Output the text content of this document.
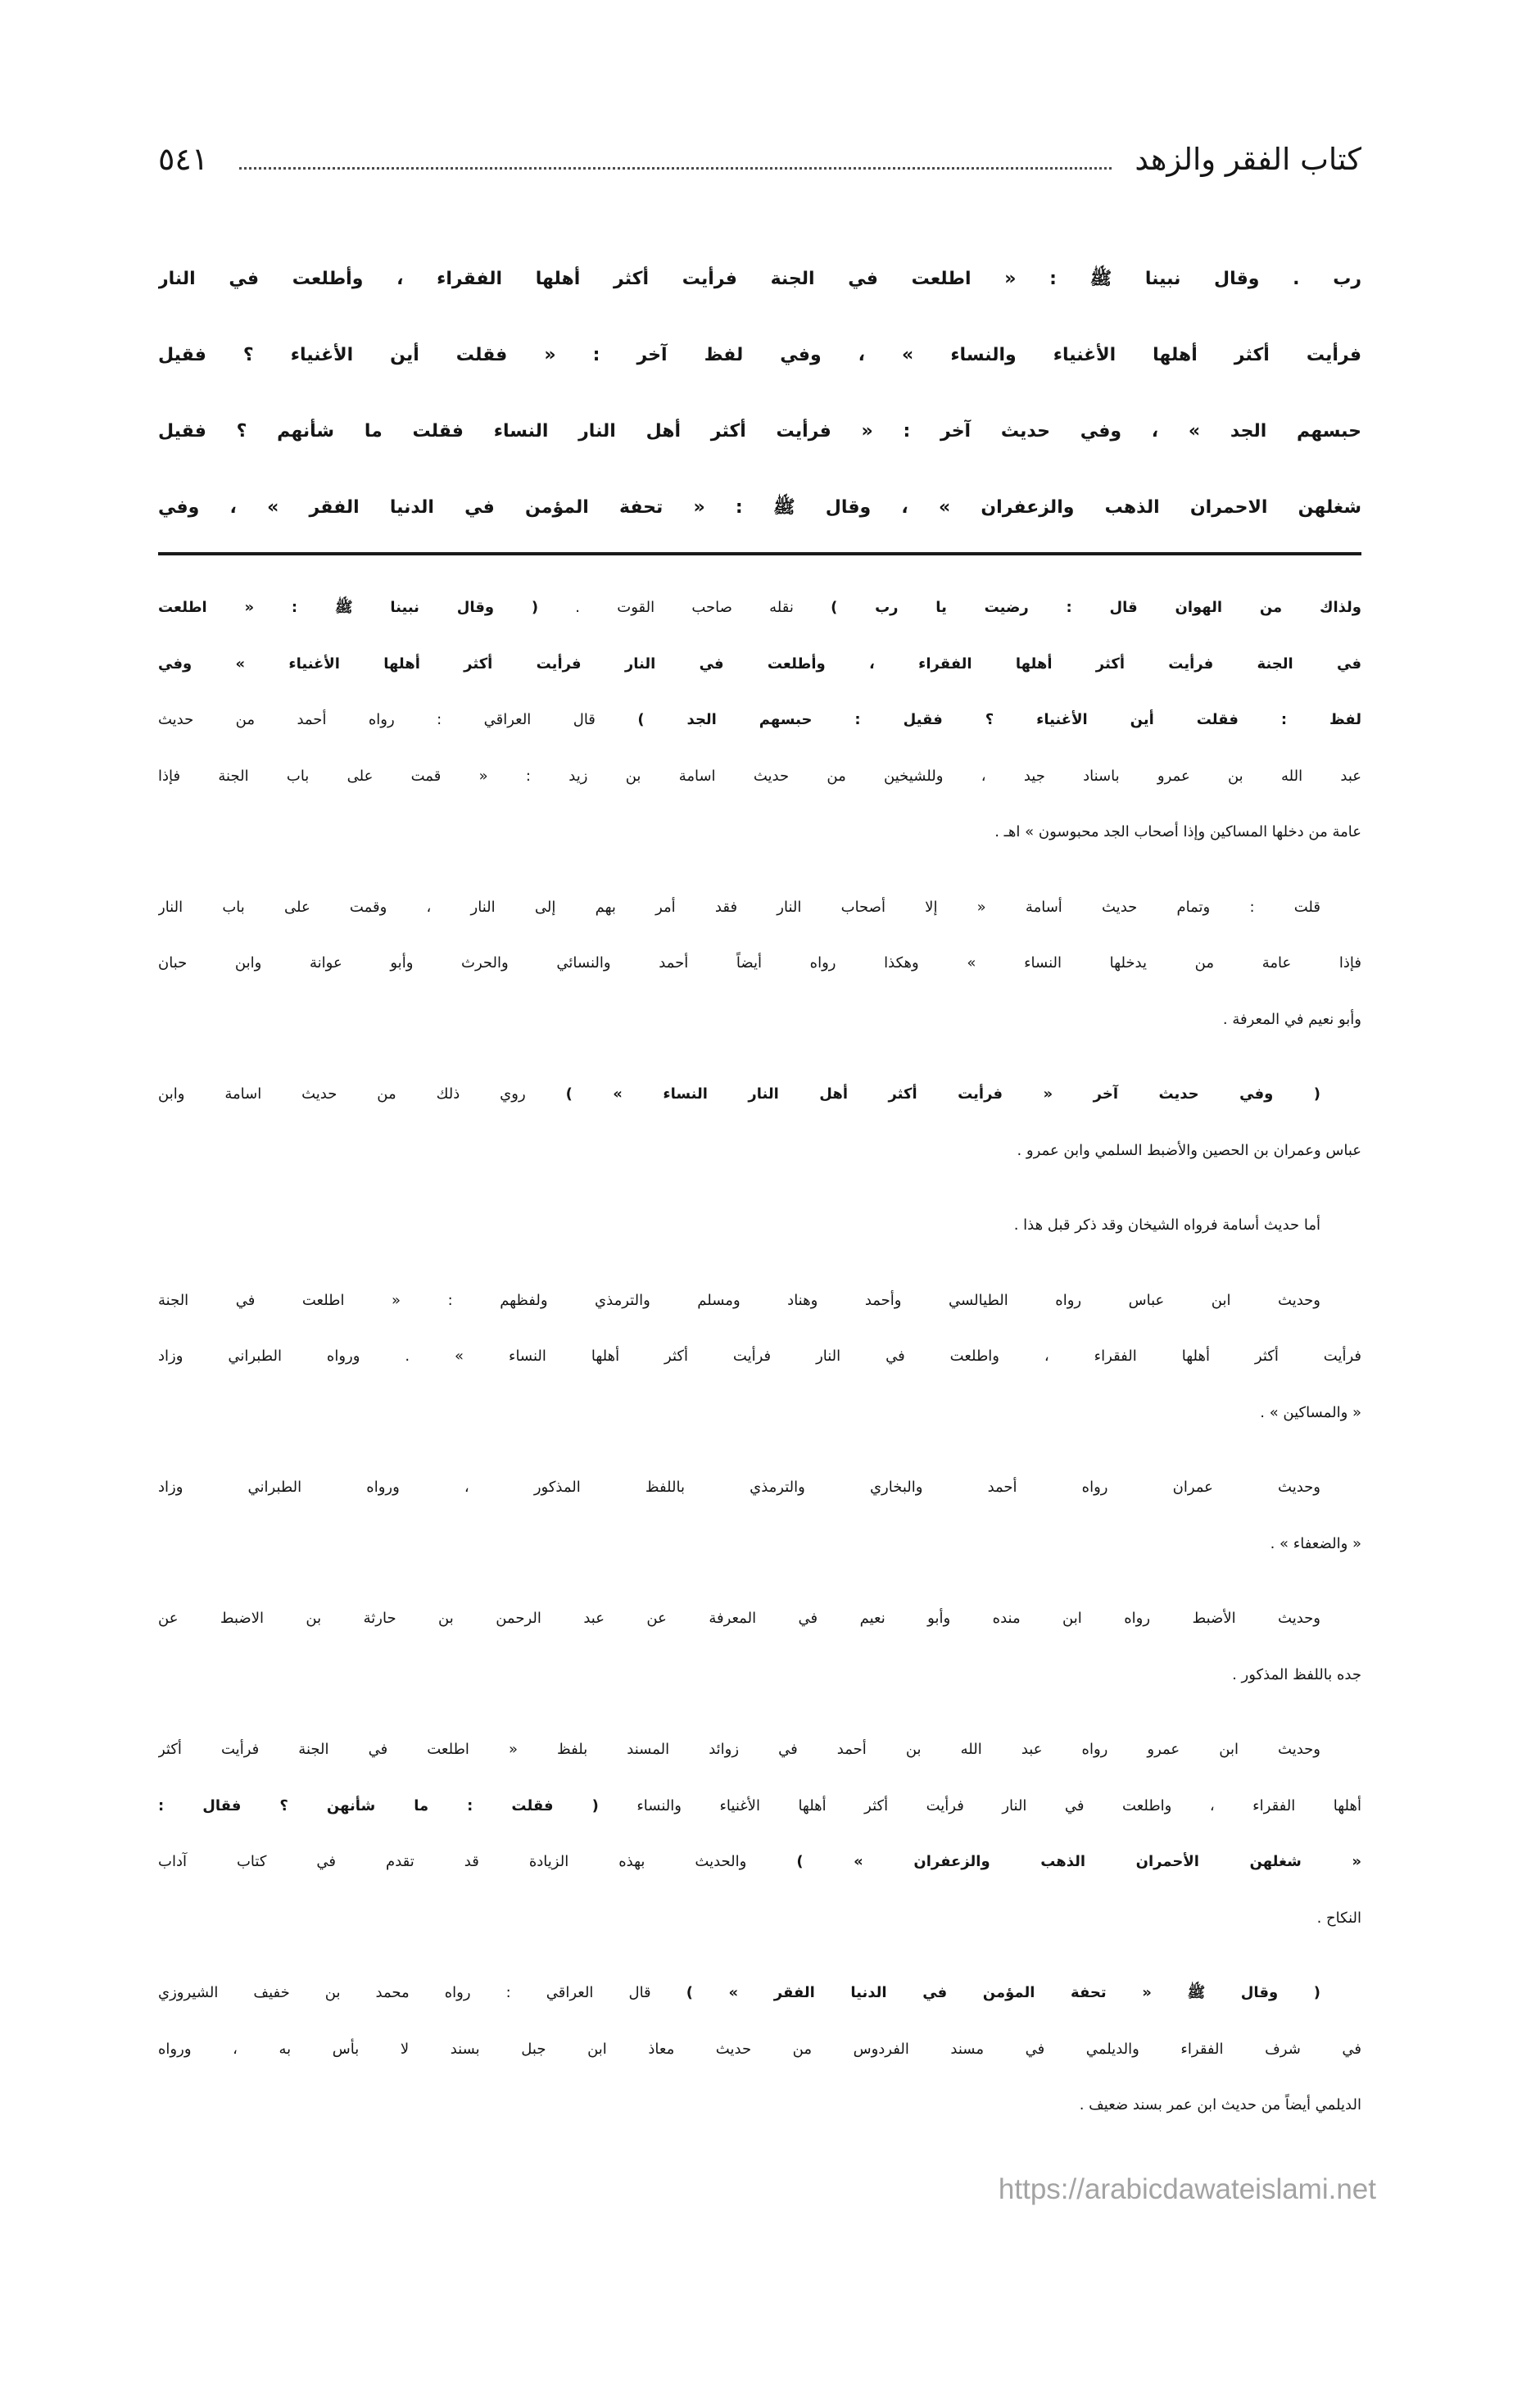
كتاب الفقر والزهد
٥٤١
رب . وقال نبينا ﷺ : « اطلعت في الجنة فرأيت أكثر أهلها الفقراء ، وأطلعت في النار
فرأيت أكثر أهلها الأغنياء والنساء » ، وفي لفظ آخر : « فقلت أين الأغنياء ؟ فقيل
حبسهم الجد » ، وفي حديث آخر : « فرأيت أكثر أهل النار النساء فقلت ما شأنهم ؟ فقيل
شغلهن الاحمران الذهب والزعفران » ، وقال ﷺ : « تحفة المؤمن في الدنيا الفقر » ، وفي
ولذاك من الهوان قال : رضيت يا رب ) نقله صاحب القوت . ( وقال نبينا ﷺ : « اطلعت
في الجنة فرأيت أكثر أهلها الفقراء ، وأطلعت في النار فرأيت أكثر أهلها الأغنياء » وفي
لفظ : فقلت أين الأغنياء ؟ فقيل : حبسهم الجد ) قال العراقي : رواه أحمد من حديث
عبد الله بن عمرو باسناد جيد ، وللشيخين من حديث اسامة بن زيد : « قمت على باب الجنة فإذا
عامة من دخلها المساكين وإذا أصحاب الجد محبوسون » اهـ .
قلت : وتمام حديث أسامة « إلا أصحاب النار فقد أمر بهم إلى النار ، وقمت على باب النار
فإذا عامة من يدخلها النساء » وهكذا رواه أيضاً أحمد والنسائي والحرث وأبو عوانة وابن حبان
وأبو نعيم في المعرفة .
( وفي حديث آخر « فرأيت أكثر أهل النار النساء » ) روي ذلك من حديث اسامة وابن
عباس وعمران بن الحصين والأضبط السلمي وابن عمرو .
أما حديث أسامة فرواه الشيخان وقد ذكر قبل هذا .
وحديث ابن عباس رواه الطيالسي وأحمد وهناد ومسلم والترمذي ولفظهم : « اطلعت في الجنة
فرأيت أكثر أهلها الفقراء ، واطلعت في النار فرأيت أكثر أهلها النساء » . ورواه الطبراني وزاد
« والمساكين » .
وحديث عمران رواه أحمد والبخاري والترمذي باللفظ المذكور ، ورواه الطبراني وزاد
« والضعفاء » .
وحديث الأضبط رواه ابن منده وأبو نعيم في المعرفة عن عبد الرحمن بن حارثة بن الاضبط عن
جده باللفظ المذكور .
وحديث ابن عمرو رواه عبد الله بن أحمد في زوائد المسند بلفظ « اطلعت في الجنة فرأيت أكثر
أهلها الفقراء ، واطلعت في النار فرأيت أكثر أهلها الأغنياء والنساء ( فقلت : ما شأنهن ؟ فقال :
« شغلهن الأحمران الذهب والزعفران » ) والحديث بهذه الزيادة قد تقدم في كتاب آداب
النكاح .
( وقال ﷺ « تحفة المؤمن في الدنيا الفقر » ) قال العراقي : رواه محمد بن خفيف الشيروزي
في شرف الفقراء والديلمي في مسند الفردوس من حديث معاذ ابن جبل بسند لا بأس به ، ورواه
الديلمي أيضاً من حديث ابن عمر بسند ضعيف .
https://arabicdawateislami.net
